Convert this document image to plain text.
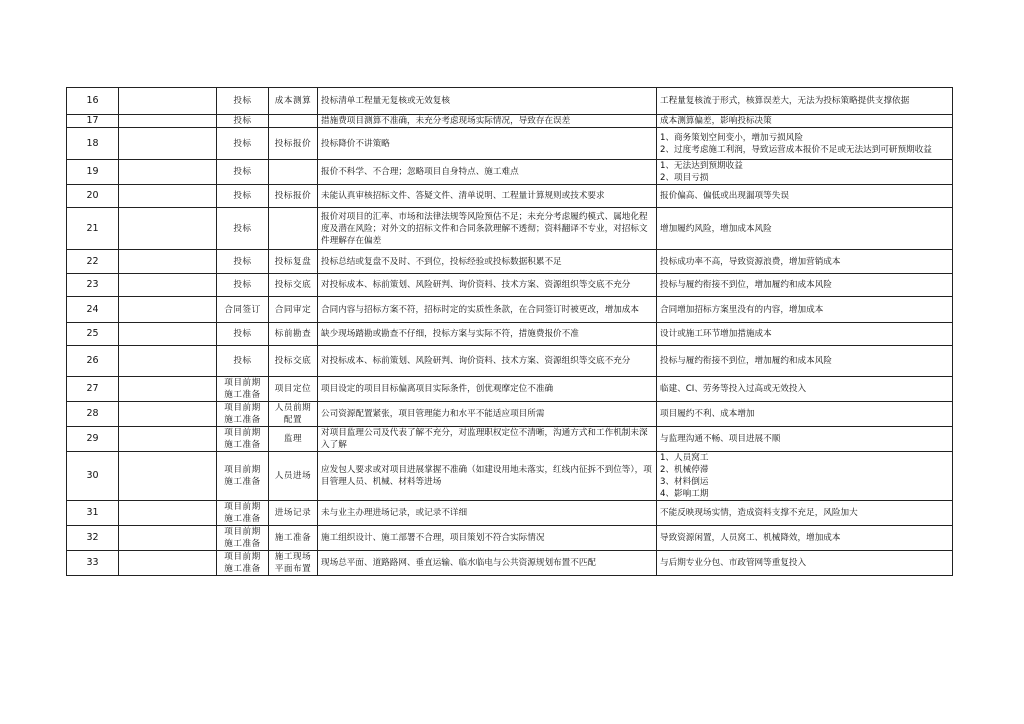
16		投标	成本测算	投标清单工程量无复核或无效复核	工程量复核流于形式，核算误差大，无法为投标策略提供支撑依据
17		投标		措施费项目测算不准确，未充分考虑现场实际情况，导致存在误差	成本测算偏差，影响投标决策
18		投标	投标报价	投标降价不讲策略	1、商务策划空间变小，增加亏损风险
2、过度考虑施工利润，导致运营成本报价不足或无法达到可研预期收益

19		投标		报价不科学、不合理；忽略项目自身特点、施工难点	1、无法达到预期收益
2、项目亏损

20		投标	投标报价	未能认真审核招标文件、答疑文件、清单说明、工程量计算规则或技术要求	报价偏高、偏低或出现漏项等失误
21		投标		报价对项目的汇率、市场和法律法规等风险预估不足；未充分考虑履约模式、属地化程度及潜在风险；对外文的招标文件和合同条款理解不透彻；资料翻译不专业，对招标文件理解存在偏差	增加履约风险，增加成本风险
22		投标	投标复盘	投标总结或复盘不及时、不到位，投标经验或投标数据积累不足	投标成功率不高，导致资源浪费，增加营销成本
23		投标	投标交底	对投标成本、标前策划、风险研判、询价资料、技术方案、资源组织等交底不充分	投标与履约衔接不到位，增加履约和成本风险
24		合同签订	合同审定	合同内容与招标方案不符，招标时定的实质性条款，在合同签订时被更改，增加成本	合同增加招标方案里没有的内容，增加成本
25		投标	标前勘查	缺少现场踏勘或勘查不仔细，投标方案与实际不符，措施费报价不准	设计或施工环节增加措施成本
26		投标	投标交底	对投标成本、标前策划、风险研判、询价资料、技术方案、资源组织等交底不充分	投标与履约衔接不到位，增加履约和成本风险
27		项目前期施工准备	项目定位	项目设定的项目目标偏离项目实际条件，创优观摩定位不准确	临建、CI、劳务等投入过高或无效投入
28		项目前期施工准备	人员前期配置	公司资源配置紧张，项目管理能力和水平不能适应项目所需	项目履约不利、成本增加
29		项目前期施工准备	监理	对项目监理公司及代表了解不充分，对监理职权定位不清晰，沟通方式和工作机制未深入了解	与监理沟通不畅、项目进展不顺
30		项目前期施工准备	人员进场	应发包人要求或对项目进展掌握不准确（如建设用地未落实，红线内征拆不到位等），项目管理人员、机械、材料等进场	1、人员窝工
2、机械停滞
3、材料倒运
4、影响工期

31		项目前期施工准备	进场记录	未与业主办理进场记录，或记录不详细	不能反映现场实情，造成资料支撑不充足，风险加大
32		项目前期施工准备	施工准备	施工组织设计、施工部署不合理，项目策划不符合实际情况	导致资源闲置，人员窝工、机械降效，增加成本
33		项目前期施工准备	施工现场平面布置	现场总平面、道路路网、垂直运输、临水临电与公共资源规划布置不匹配	与后期专业分包、市政管网等重复投入
